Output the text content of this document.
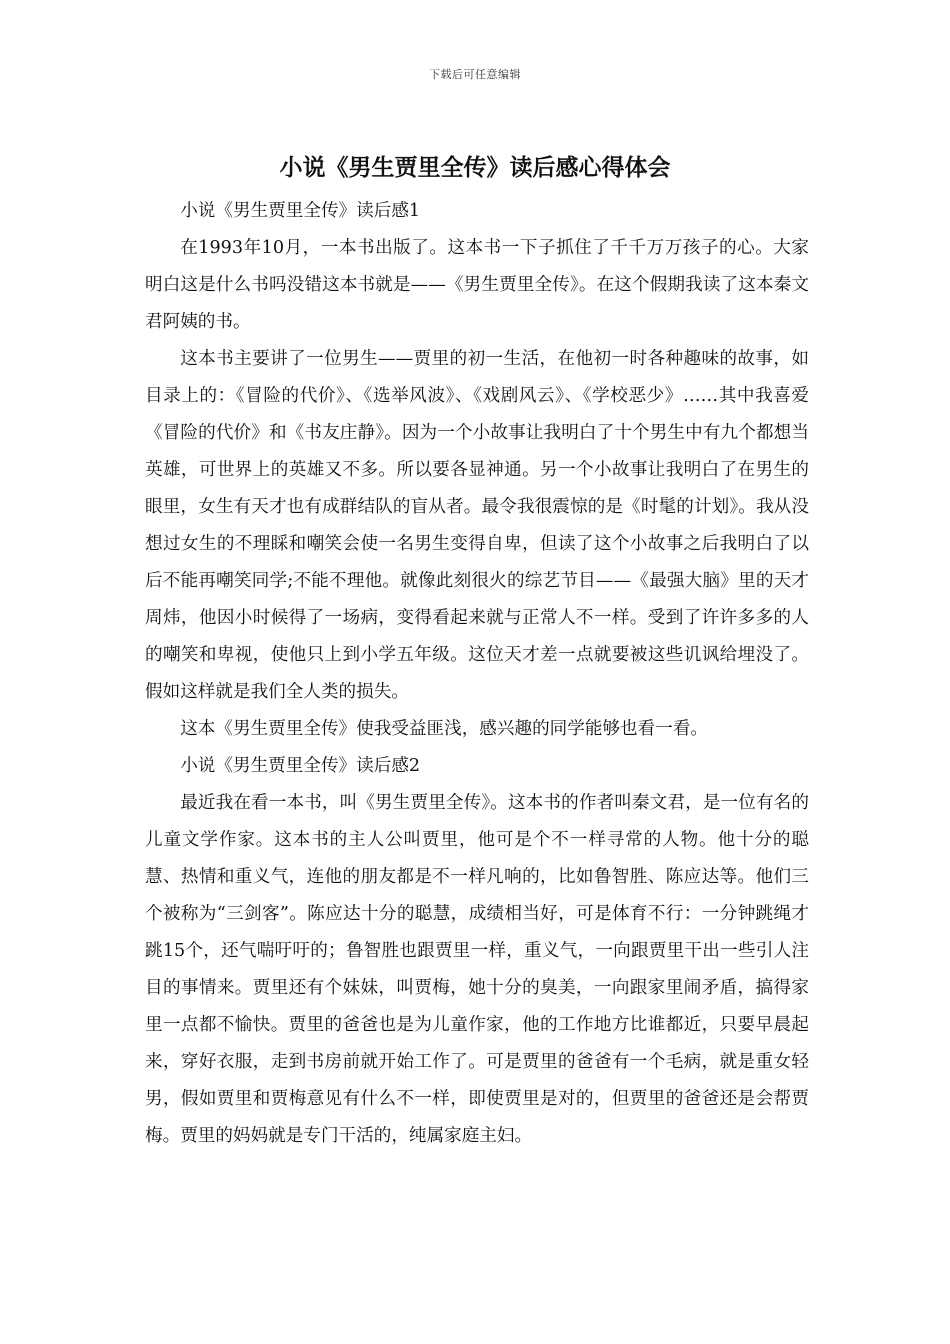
下载后可任意编辑
小说《男生贾里全传》读后感心得体会

小说《男生贾里全传》读后感1

在1993年10月，一本书出版了。这本书一下子抓住了千千万万孩子的心。大家明白这是什么书吗没错这本书就是——《男生贾里全传》。在这个假期我读了这本秦文君阿姨的书。

这本书主要讲了一位男生——贾里的初一生活，在他初一时各种趣味的故事，如目录上的：《冒险的代价》、《选举风波》、《戏剧风云》、《学校恶少》……其中我喜爱《冒险的代价》和《书友庄静》。因为一个小故事让我明白了十个男生中有九个都想当英雄，可世界上的英雄又不多。所以要各显神通。另一个小故事让我明白了在男生的眼里，女生有天才也有成群结队的盲从者。最令我很震惊的是《时髦的计划》。我从没想过女生的不理睬和嘲笑会使一名男生变得自卑，但读了这个小故事之后我明白了以后不能再嘲笑同学;不能不理他。就像此刻很火的综艺节目——《最强大脑》里的天才周炜，他因小时候得了一场病，变得看起来就与正常人不一样。受到了许许多多的人的嘲笑和卑视，使他只上到小学五年级。这位天才差一点就要被这些讥讽给埋没了。假如这样就是我们全人类的损失。

这本《男生贾里全传》使我受益匪浅，感兴趣的同学能够也看一看。

小说《男生贾里全传》读后感2

最近我在看一本书，叫《男生贾里全传》。这本书的作者叫秦文君，是一位有名的儿童文学作家。这本书的主人公叫贾里，他可是个不一样寻常的人物。他十分的聪慧、热情和重义气，连他的朋友都是不一样凡响的，比如鲁智胜、陈应达等。他们三个被称为“三剑客”。陈应达十分的聪慧，成绩相当好，可是体育不行：一分钟跳绳才跳15个，还气喘吁吁的；鲁智胜也跟贾里一样，重义气，一向跟贾里干出一些引人注目的事情来。贾里还有个妹妹，叫贾梅，她十分的臭美，一向跟家里闹矛盾，搞得家里一点都不愉快。贾里的爸爸也是为儿童作家，他的工作地方比谁都近，只要早晨起来，穿好衣服，走到书房前就开始工作了。可是贾里的爸爸有一个毛病，就是重女轻男，假如贾里和贾梅意见有什么不一样，即使贾里是对的，但贾里的爸爸还是会帮贾梅。贾里的妈妈就是专门干活的，纯属家庭主妇。
